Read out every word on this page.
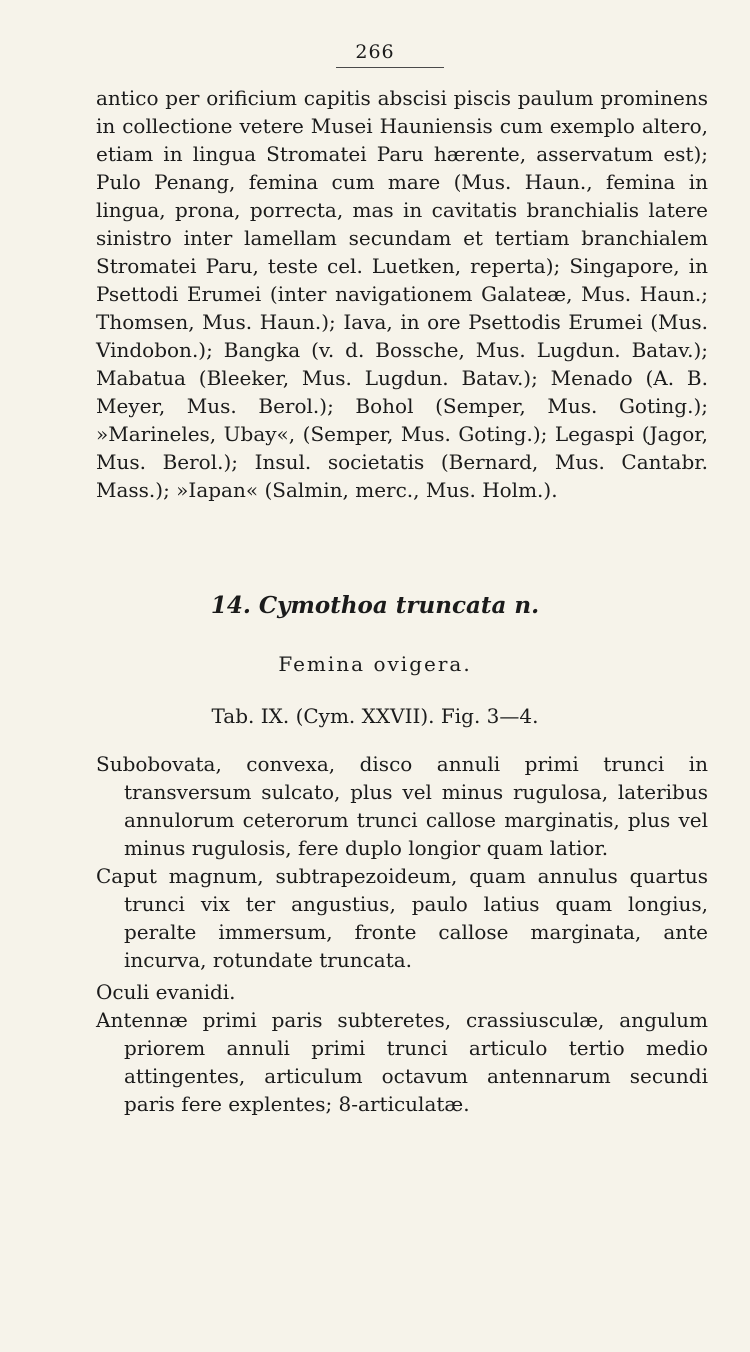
266

antico per orificium capitis abscisi piscis paulum prominens in collectione vetere Musei Hauniensis cum exemplo altero, etiam in lingua Stromatei Paru hærente, asservatum est); Pulo Penang, femina cum mare (Mus. Haun., femina in lingua, prona, porrecta, mas in cavitatis branchialis latere sinistro inter lamellam secundam et tertiam branchialem Stromatei Paru, teste cel. Luetken, reperta); Singapore, in Psettodi Erumei (inter navigationem Galateæ, Mus. Haun.; Thomsen, Mus. Haun.); Iava, in ore Psettodis Erumei (Mus. Vindobon.); Bangka (v. d. Bossche, Mus. Lugdun. Batav.); Mabatua (Bleeker, Mus. Lugdun. Batav.); Menado (A. B. Meyer, Mus. Berol.); Bohol (Semper, Mus. Goting.); »Marineles, Ubay«, (Semper, Mus. Goting.); Legaspi (Jagor, Mus. Berol.); Insul. societatis (Bernard, Mus. Cantabr. Mass.); »Iapan« (Salmin, merc., Mus. Holm.).

14. Cymothoa truncata n.

Femina ovigera.

Tab. IX. (Cym. XXVII). Fig. 3—4.

Subobovata, convexa, disco annuli primi trunci in transversum sulcato, plus vel minus rugulosa, lateribus annulorum ceterorum trunci callose marginatis, plus vel minus rugulosis, fere duplo longior quam latior.

Caput magnum, subtrapezoideum, quam annulus quartus trunci vix ter angustius, paulo latius quam longius, peralte immersum, fronte callose marginata, ante incurva, rotundate truncata.

Oculi evanidi.

Antennæ primi paris subteretes, crassiusculæ, angulum priorem annuli primi trunci articulo tertio medio attingentes, articulum octavum antennarum secundi paris fere explentes; 8-articulatæ.
